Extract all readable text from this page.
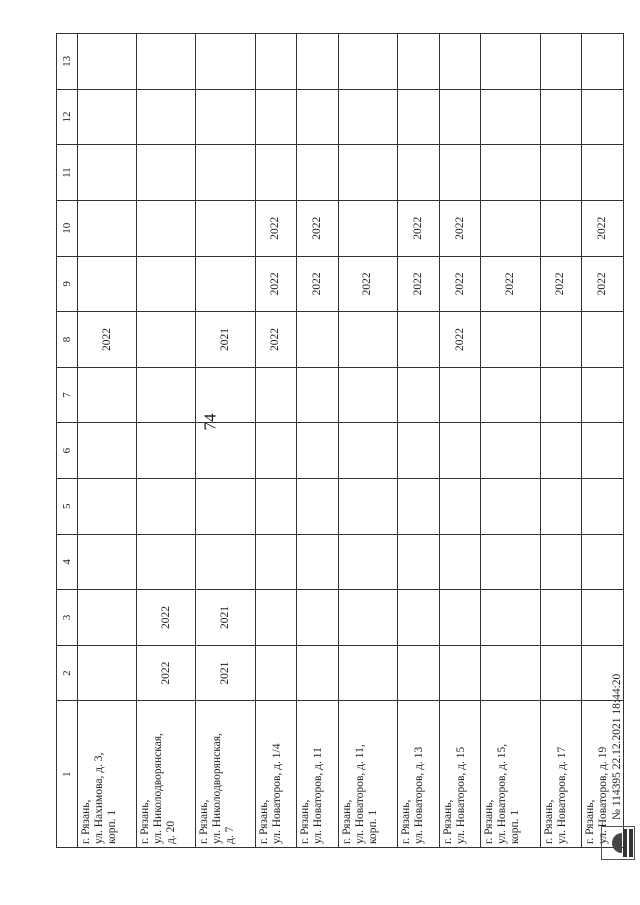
74
1	2	3	4	5	6	7	8	9	10	11	12	13

г. Рязань, ул. Нахимова, д. 3, корп. 1							2022					

г. Рязань, ул. Николодворянская, д. 20	2022	2022										

г. Рязань, ул. Николодворянская, д. 7	2021	2021					2021					

г. Рязань, ул. Новаторов, д. 1/4							2022	2022	2022			

г. Рязань, ул. Новаторов, д. 11								2022	2022			

г. Рязань, ул. Новаторов, д. 11, корп. 1								2022				

г. Рязань, ул. Новаторов, д. 13								2022	2022			

г. Рязань, ул. Новаторов, д. 15							2022	2022	2022			

г. Рязань, ул. Новаторов, д. 15, корп. 1								2022				

г. Рязань, ул. Новаторов, д. 17								2022				

г. Рязань, ул. Новаторов, д. 19								2022	2022			
№ 114395 22.12.2021 18:44:20
